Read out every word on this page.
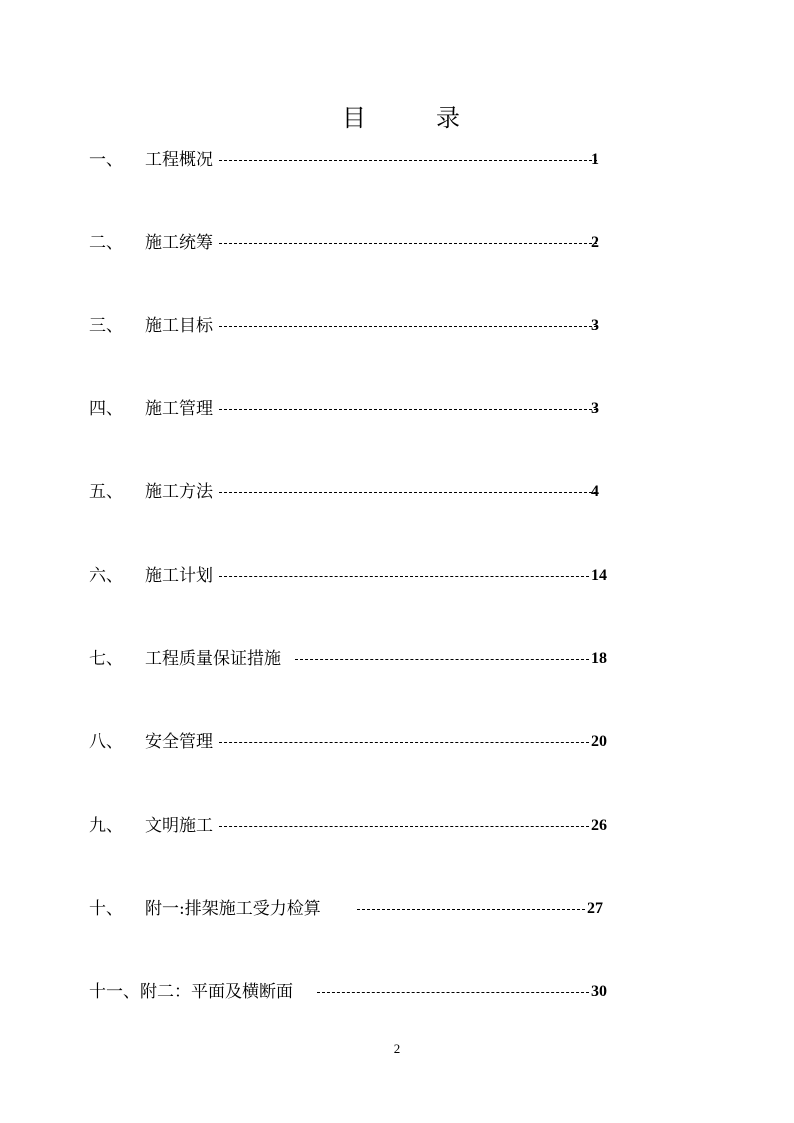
目	录
一、 工程概况	1
二、 施工统筹	2
三、 施工目标	3
四、 施工管理	3
五、 施工方法	4
六、 施工计划	14
七、 工程质量保证措施	18
八、 安全管理	20
九、 文明施工	26
十、 附一:排架施工受力检算	27
十一、附二：平面及横断面	30
2
